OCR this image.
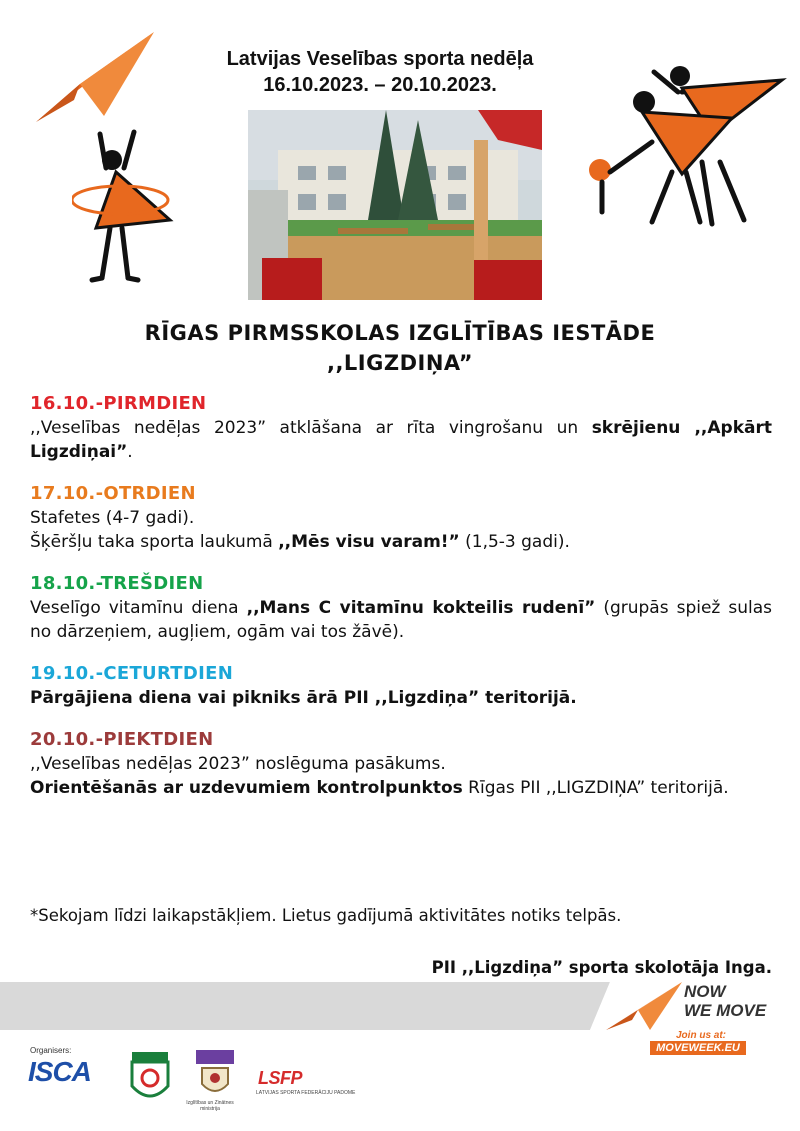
Latvijas Veselības sporta nedēļa
16.10.2023. – 20.10.2023.
RĪGAS PIRMSSKOLAS IZGLĪTĪBAS IESTĀDE
,,LIGZDIŅA”
16.10.-PIRMDIEN

,,Veselības nedēļas 2023” atklāšana ar rīta vingrošanu un skrējienu ,,Apkārt Ligzdiņai”.

17.10.-OTRDIEN

Stafetes (4-7 gadi).

Šķēršļu taka sporta laukumā ,,Mēs visu varam!” (1,5-3 gadi).

18.10.-TREŠDIEN

Veselīgo vitamīnu diena ,,Mans C vitamīnu kokteilis rudenī” (grupās spiež sulas no dārzeņiem, augļiem, ogām vai tos žāvē).

19.10.-CETURTDIEN

Pārgājiena diena vai pikniks ārā PII ,,Ligzdiņa” teritorijā.

20.10.-PIEKTDIEN

,,Veselības nedēļas 2023” noslēguma pasākums.

Orientēšanās ar uzdevumiem kontrolpunktos Rīgas PII ,,LIGZDIŅA” teritorijā.

*Sekojam līdzi laikapstākļiem. Lietus gadījumā aktivitātes notiks telpās.
PII ,,Ligzdiņa” sporta skolotāja Inga.
NOW
WE MOVE
Join us at:
MOVEWEEK.EU
Organisers:
ISCA
Izglītības un Zinātnes ministrija
LSFP
LATVIJAS SPORTA FEDERĀCIJU PADOME
